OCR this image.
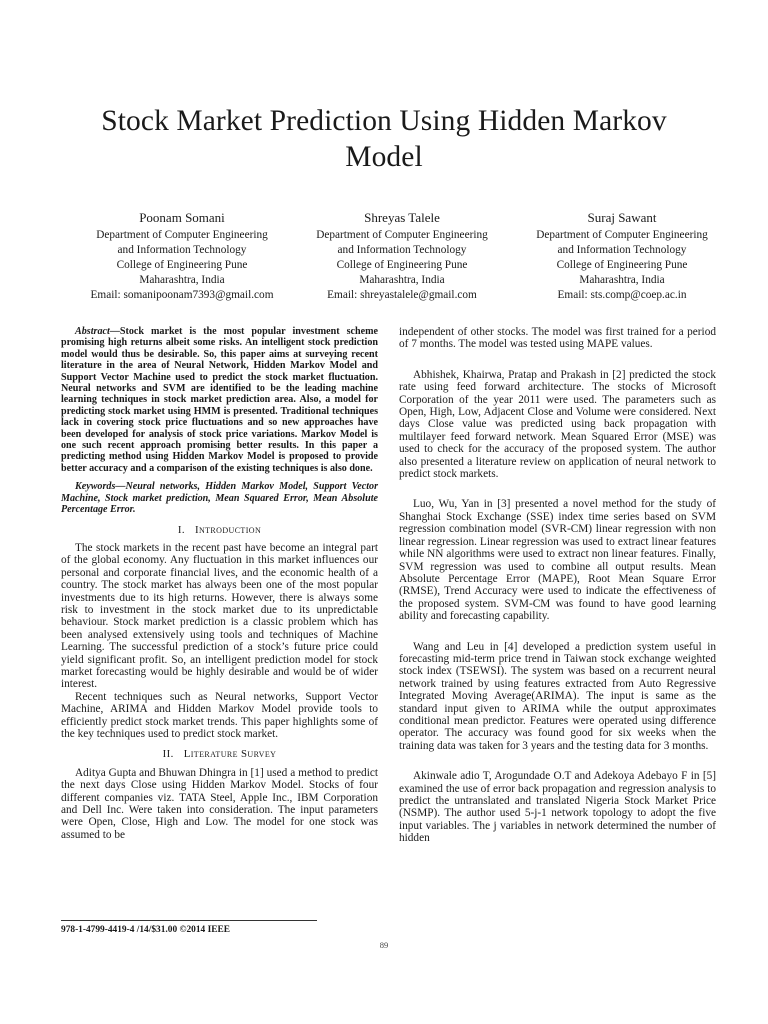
Stock Market Prediction Using Hidden Markov Model
Poonam Somani
Department of Computer Engineering
and Information Technology
College of Engineering Pune
Maharashtra, India
Email: somanipoonam7393@gmail.com
Shreyas Talele
Department of Computer Engineering
and Information Technology
College of Engineering Pune
Maharashtra, India
Email: shreyastalele@gmail.com
Suraj Sawant
Department of Computer Engineering
and Information Technology
College of Engineering Pune
Maharashtra, India
Email: sts.comp@coep.ac.in

Abstract—Stock market is the most popular investment scheme promising high returns albeit some risks. An intelligent stock prediction model would thus be desirable. So, this paper aims at surveying recent literature in the area of Neural Network, Hidden Markov Model and Support Vector Machine used to predict the stock market fluctuation. Neural networks and SVM are identified to be the leading machine learning techniques in stock market prediction area. Also, a model for predicting stock market using HMM is presented. Traditional techniques lack in covering stock price fluctuations and so new approaches have been developed for analysis of stock price variations. Markov Model is one such recent approach promising better results. In this paper a predicting method using Hidden Markov Model is proposed to provide better accuracy and a comparison of the existing techniques is also done.

Keywords—Neural networks, Hidden Markov Model, Support Vector Machine, Stock market prediction, Mean Squared Error, Mean Absolute Percentage Error.

I. Introduction

The stock markets in the recent past have become an integral part of the global economy. Any fluctuation in this market influences our personal and corporate financial lives, and the economic health of a country. The stock market has always been one of the most popular investments due to its high returns. However, there is always some risk to investment in the stock market due to its unpredictable behaviour. Stock market prediction is a classic problem which has been analysed extensively using tools and techniques of Machine Learning. The successful prediction of a stock’s future price could yield significant profit. So, an intelligent prediction model for stock market forecasting would be highly desirable and would be of wider interest.

Recent techniques such as Neural networks, Support Vector Machine, ARIMA and Hidden Markov Model provide tools to efficiently predict stock market trends. This paper highlights some of the key techniques used to predict stock market.

II. Literature Survey

Aditya Gupta and Bhuwan Dhingra in [1] used a method to predict the next days Close using Hidden Markov Model. Stocks of four different companies viz. TATA Steel, Apple Inc., IBM Corporation and Dell Inc. Were taken into consideration. The input parameters were Open, Close, High and Low. The model for one stock was assumed to be

independent of other stocks. The model was first trained for a period of 7 months. The model was tested using MAPE values.

Abhishek, Khairwa, Pratap and Prakash in [2] predicted the stock rate using feed forward architecture. The stocks of Microsoft Corporation of the year 2011 were used. The parameters such as Open, High, Low, Adjacent Close and Volume were considered. Next days Close value was predicted using back propagation with multilayer feed forward network. Mean Squared Error (MSE) was used to check for the accuracy of the proposed system. The author also presented a literature review on application of neural network to predict stock markets.

Luo, Wu, Yan in [3] presented a novel method for the study of Shanghai Stock Exchange (SSE) index time series based on SVM regression combination model (SVR-CM) linear regression with non linear regression. Linear regression was used to extract linear features while NN algorithms were used to extract non linear features. Finally, SVM regression was used to combine all output results. Mean Absolute Percentage Error (MAPE), Root Mean Square Error (RMSE), Trend Accuracy were used to indicate the effectiveness of the proposed system. SVM-CM was found to have good learning ability and forecasting capability.

Wang and Leu in [4] developed a prediction system useful in forecasting mid-term price trend in Taiwan stock exchange weighted stock index (TSEWSI). The system was based on a recurrent neural network trained by using features extracted from Auto Regressive Integrated Moving Average(ARIMA). The input is same as the standard input given to ARIMA while the output approximates conditional mean predictor. Features were operated using difference operator. The accuracy was found good for six weeks when the training data was taken for 3 years and the testing data for 3 months.

Akinwale adio T, Arogundade O.T and Adekoya Adebayo F in [5] examined the use of error back propagation and regression analysis to predict the untranslated and translated Nigeria Stock Market Price (NSMP). The author used 5-j-1 network topology to adopt the five input variables. The j variables in network determined the number of hidden

978-1-4799-4419-4 /14/$31.00 ©2014 IEEE
89
